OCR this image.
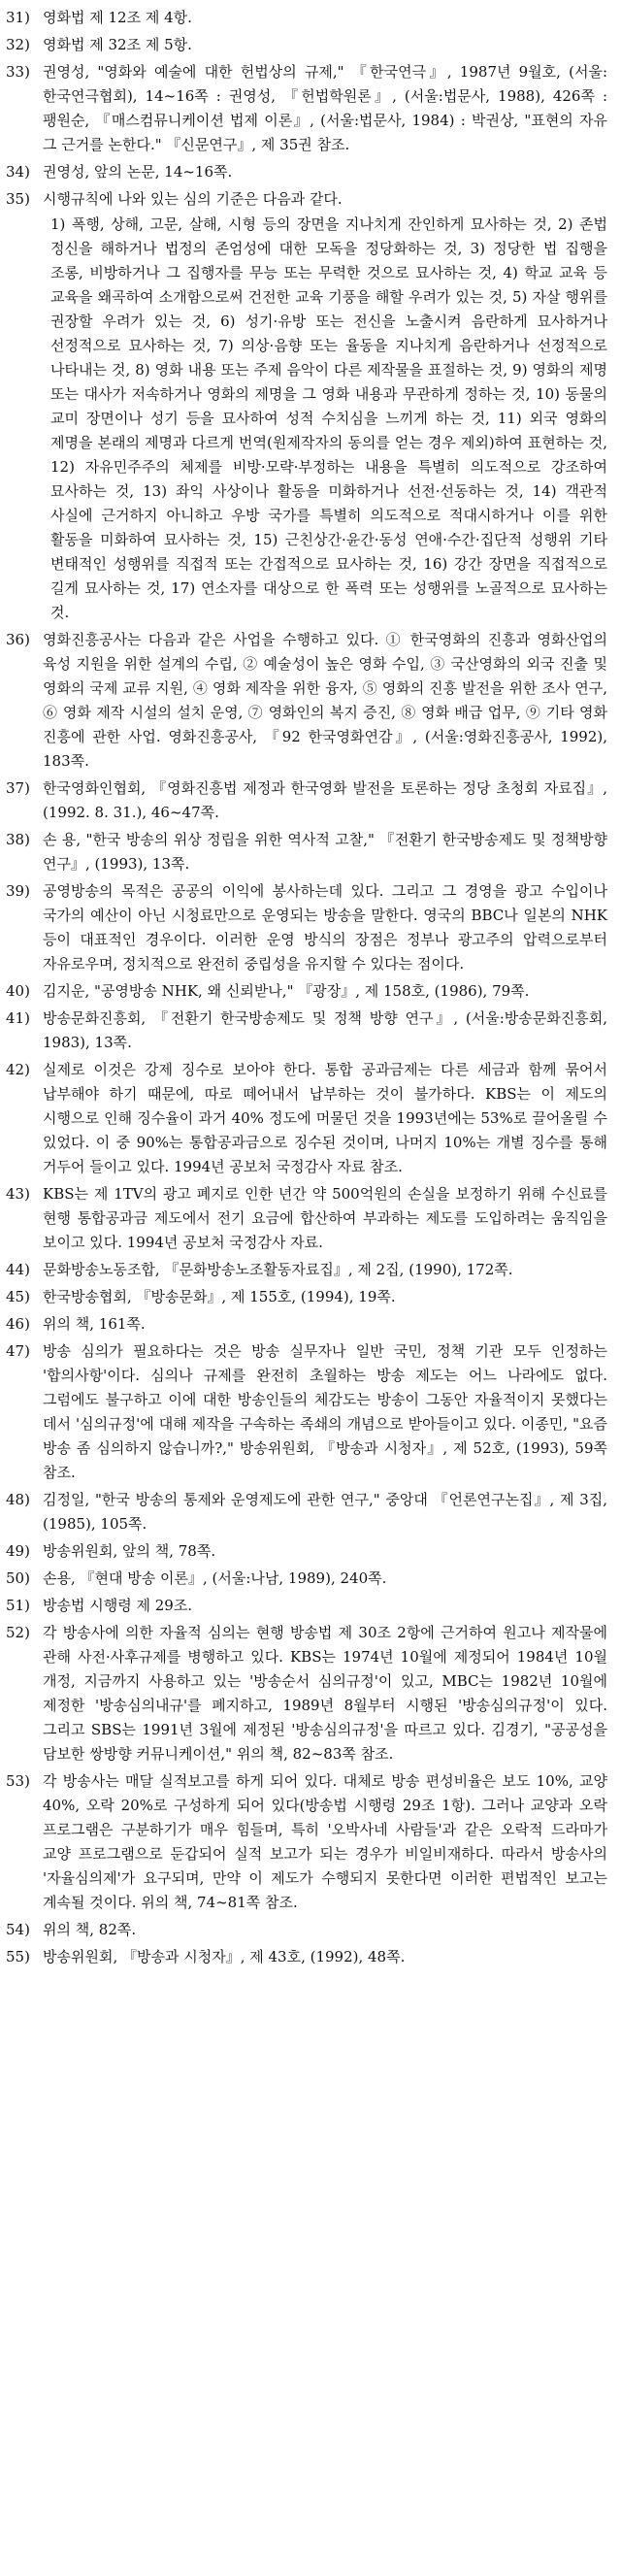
31) 영화법 제 12조 제 4항.
32) 영화법 제 32조 제 5항.
33) 권영성, "영화와 예술에 대한 헌법상의 규제," 『한국연극』, 1987년 9월호, (서울:한국연극협회), 14~16쪽 : 권영성, 『헌법학원론』, (서울:법문사, 1988), 426쪽 : 팽원순, 『매스컴뮤니케이션 법제 이론』, (서울:법문사, 1984) : 박권상, "표현의 자유 그 근거를 논한다." 『신문연구』, 제 35권 참조.
34) 권영성, 앞의 논문, 14~16쪽.
35) 시행규칙에 나와 있는 심의 기준은 다음과 같다.
1) 폭행, 상해, 고문, 살해, 시형 등의 장면을 지나치게 잔인하게 묘사하는 것, 2) 존법 정신을 해하거나 법정의 존엄성에 대한 모독을 정당화하는 것, 3) 정당한 법 집행을 조롱, 비방하거나 그 집행자를 무능 또는 무력한 것으로 묘사하는 것, 4) 학교 교육 등 교육을 왜곡하여 소개함으로써 건전한 교육 기풍을 해할 우려가 있는 것, 5) 자살 행위를 권장할 우려가 있는 것, 6) 성기·유방 또는 전신을 노출시켜 음란하게 묘사하거나 선정적으로 묘사하는 것, 7) 의상·음향 또는 율동을 지나치게 음란하거나 선정적으로 나타내는 것, 8) 영화 내용 또는 주제 음악이 다른 제작물을 표절하는 것, 9) 영화의 제명 또는 대사가 저속하거나 영화의 제명을 그 영화 내용과 무관하게 정하는 것, 10) 동물의 교미 장면이나 성기 등을 묘사하여 성적 수치심을 느끼게 하는 것, 11) 외국 영화의 제명을 본래의 제명과 다르게 번역(원제작자의 동의를 얻는 경우 제외)하여 표현하는 것, 12) 자유민주주의 체제를 비방·모략·부정하는 내용을 특별히 의도적으로 강조하여 묘사하는 것, 13) 좌익 사상이나 활동을 미화하거나 선전·선동하는 것, 14) 객관적 사실에 근거하지 아니하고 우방 국가를 특별히 의도적으로 적대시하거나 이를 위한 활동을 미화하여 묘사하는 것, 15) 근친상간·윤간·동성 연애·수간·집단적 성행위 기타 변태적인 성행위를 직접적 또는 간접적으로 묘사하는 것, 16) 강간 장면을 직접적으로 길게 묘사하는 것, 17) 연소자를 대상으로 한 폭력 또는 성행위를 노골적으로 묘사하는 것.
36) 영화진흥공사는 다음과 같은 사업을 수행하고 있다. ① 한국영화의 진흥과 영화산업의 육성 지원을 위한 설계의 수립, ② 예술성이 높은 영화 수입, ③ 국산영화의 외국 진출 및 영화의 국제 교류 지원, ④ 영화 제작을 위한 융자, ⑤ 영화의 진흥 발전을 위한 조사 연구, ⑥ 영화 제작 시설의 설치 운영, ⑦ 영화인의 복지 증진, ⑧ 영화 배급 업무, ⑨ 기타 영화 진흥에 관한 사업. 영화진흥공사, 『92 한국영화연감』, (서울:영화진흥공사, 1992), 183쪽.
37) 한국영화인협회, 『영화진흥법 제정과 한국영화 발전을 토론하는 정당 초청회 자료집』, (1992. 8. 31.), 46~47쪽.
38) 손 용, "한국 방송의 위상 정립을 위한 역사적 고찰," 『전환기 한국방송제도 및 정책방향 연구』, (1993), 13쪽.
39) 공영방송의 목적은 공공의 이익에 봉사하는데 있다. 그리고 그 경영을 광고 수입이나 국가의 예산이 아닌 시청료만으로 운영되는 방송을 말한다. 영국의 BBC나 일본의 NHK 등이 대표적인 경우이다. 이러한 운영 방식의 장점은 정부나 광고주의 압력으로부터 자유로우며, 정치적으로 완전히 중립성을 유지할 수 있다는 점이다.
40) 김지운, "공영방송 NHK, 왜 신뢰받나," 『광장』, 제 158호, (1986), 79쪽.
41) 방송문화진흥회, 『전환기 한국방송제도 및 정책 방향 연구』, (서울:방송문화진흥회, 1983), 13쪽.
42) 실제로 이것은 강제 징수로 보아야 한다. 통합 공과금제는 다른 세금과 함께 묶어서 납부해야 하기 때문에, 따로 떼어내서 납부하는 것이 불가하다. KBS는 이 제도의 시행으로 인해 징수율이 과거 40% 정도에 머물던 것을 1993년에는 53%로 끌어올릴 수 있었다. 이 중 90%는 통합공과금으로 징수된 것이며, 나머지 10%는 개별 징수를 통해 거두어 들이고 있다. 1994년 공보처 국정감사 자료 참조.
43) KBS는 제 1TV의 광고 폐지로 인한 년간 약 500억원의 손실을 보정하기 위해 수신료를 현행 통합공과금 제도에서 전기 요금에 합산하여 부과하는 제도를 도입하려는 움직임을 보이고 있다. 1994년 공보처 국정감사 자료.
44) 문화방송노동조합, 『문화방송노조활동자료집』, 제 2집, (1990), 172쪽.
45) 한국방송협회, 『방송문화』, 제 155호, (1994), 19쪽.
46) 위의 책, 161쪽.
47) 방송 심의가 필요하다는 것은 방송 실무자나 일반 국민, 정책 기관 모두 인정하는 '합의사항'이다. 심의나 규제를 완전히 초월하는 방송 제도는 어느 나라에도 없다. 그럼에도 불구하고 이에 대한 방송인들의 체감도는 방송이 그동안 자율적이지 못했다는 데서 '심의규정'에 대해 제작을 구속하는 족쇄의 개념으로 받아들이고 있다. 이종민, "요즘 방송 좀 심의하지 않습니까?," 방송위원회, 『방송과 시청자』, 제 52호, (1993), 59쪽 참조.
48) 김정일, "한국 방송의 통제와 운영제도에 관한 연구," 중앙대 『언론연구논집』, 제 3집, (1985), 105쪽.
49) 방송위원회, 앞의 책, 78쪽.
50) 손용, 『현대 방송 이론』, (서울:나남, 1989), 240쪽.
51) 방송법 시행령 제 29조.
52) 각 방송사에 의한 자율적 심의는 현행 방송법 제 30조 2항에 근거하여 원고나 제작물에 관해 사전·사후규제를 병행하고 있다. KBS는 1974년 10월에 제정되어 1984년 10월 개정, 지금까지 사용하고 있는 '방송순서 심의규정'이 있고, MBC는 1982년 10월에 제정한 '방송심의내규'를 폐지하고, 1989년 8월부터 시행된 '방송심의규정'이 있다. 그리고 SBS는 1991년 3월에 제정된 '방송심의규정'을 따르고 있다. 김경기, "공공성을 담보한 쌍방향 커뮤니케이션," 위의 책, 82~83쪽 참조.
53) 각 방송사는 매달 실적보고를 하게 되어 있다. 대체로 방송 편성비율은 보도 10%, 교양 40%, 오락 20%로 구성하게 되어 있다(방송법 시행령 29조 1항). 그러나 교양과 오락 프로그램은 구분하기가 매우 힘들며, 특히 '오박사네 사람들'과 같은 오락적 드라마가 교양 프로그램으로 둔갑되어 실적 보고가 되는 경우가 비일비재하다. 따라서 방송사의 '자율심의제'가 요구되며, 만약 이 제도가 수행되지 못한다면 이러한 편법적인 보고는 계속될 것이다. 위의 책, 74~81쪽 참조.
54) 위의 책, 82쪽.
55) 방송위원회, 『방송과 시청자』, 제 43호, (1992), 48쪽.
